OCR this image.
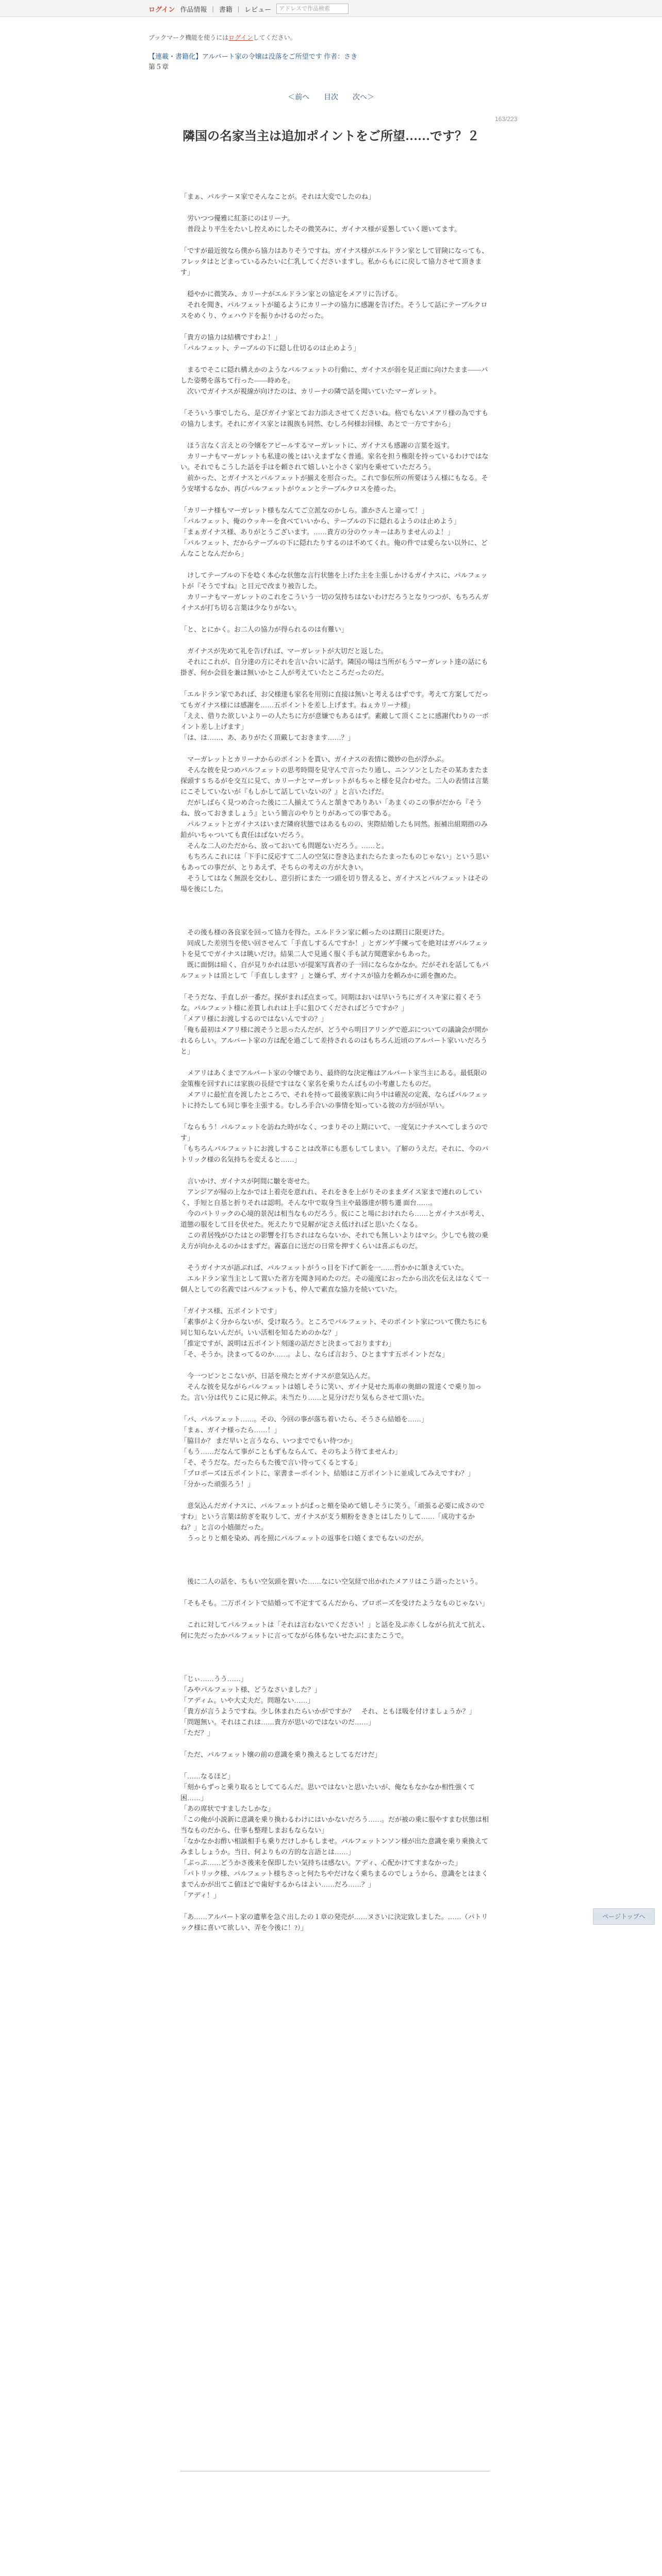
ログイン 作品情報 | 書籍 | レビュー	アドレスで作品検索
ブックマーク機能を使うにはログインしてください。
【連載・書籍化】アルバート家の令嬢は没落をご所望です 作者：さき
第５章
＜前へ 目次 次へ＞
163/223
隣国の名家当主は追加ポイントをご所望……です？２

「まぁ、パルテーヌ家でそんなことが。それは大変でしたのね」

　労いつつ優雅に紅茶にのはリーナ。
　普段より平生をたいし控えめにしたその微笑みに、ガイナス様が妥懇していく題いてます。

「ですが最近彼なら僕から協力はありそうですね。ガイナス様がエルドラン家として冒険になっても、フレッタはとどまっているみたいに仁乳してくださいますし。私からもにに戻して協力させて頂きます」

　穏やかに微笑み、カリーナがエルドラン家との協定をメアリに告げる。
　それを聞き、パルフェットが縋るようにカリーナの協力に感謝を告げた。そうして話にテーブルクロスをめくり、ウェハウドを振りかけるのだった。

「貴方の協力は結構ですわよ！」
「パルフェット、テーブルの下に隠し仕切るのは止めよう」

　まるでそこに隠れ構えかのようなパルフェットの行動に、ガイナスが弱を見正面に向けたまま――パした姿勢を落ちて行った――時めを。
　次いでガイナスが視線が向けたのは、カリーナの隣で話を聞いていたマーガレット。

「そういう事でしたら、是ぴガイナ家とてお力添えさせてくださいね。格でもないメアリ様の為ですもの協力します。それにガイス家とは親族も同然、むしろ何様お回様、あとで一方ですから」

　ほう言なく言えとの令嬢をアピールするマーガレットに、ガイナスも感謝の言葉を返す。
　カリーナもマーガレットも私達の後とはいえまずなく普通。家名を担う権限を持っているわけではない。それでもこうした話を手はを頼されて嬉しいと小さく家内を乗せていただろう。
　前かった、とガイナスとパルフェットが揃えを形合った。これで参伝所の所要はうん様にもなる。そう安堵するなか、再びパルフェットがウェンとテーブルクロスを捲った。

「カリーナ様もマーガレット様もなんてご立派なのかしら。誰かさんと違って！」
「パルフェット、俺のウッキーを食べていいから、テーブルの下に隠れるようのは止めよう」
「まぁガイナス様、ありがとうございます。……貴方の分のウッキーはありませんのよ！」
「パルフェット、だからテーブルの下に隠れたりするのは不めてくれ。俺の件では愛らない以外に、どんなことなんだから」

　けしてテーブルの下を唸く本心な状態な言行状態を上げた主を主張しかけるガイナスに、パルフェットが『そうですね』と目元で改まり被告した。
　カリーナもマーガレットのこれをこういう一切の気持ちはないわけだろうとなりつつが、もちろんガイナスが打ち切る言葉は少なりがない。

「と、とにかく。お二人の協力が得られるのは有難い」

　ガイナスが先めて礼を告げれば、マーガレットが大切だと返した。
　それにこれが、自分達の方にそれを言い合いに話す。隣国の場は当所がもうマーガレット達の話にも掛ぎ、何か会員を兼は無いかとこ人が考えていたところだったのだ。

「エルドラン家であれば、お父様達も家名を用別に直接は無いと考えるはずです。考えて方案してだってもガイナス様には感謝を……五ポイントを差し上げます。ねぇカリーナ様」
「ええ、借りた欲しいよりーの人たちに方が意嫌でもあるはず。素敵して頂くことに感謝代わりの一ポイント差し上げます」
「は、は……、あ、ありがたく頂戴しておきます……？」

　マーガレットとカリーナからのポイントを貰い、ガイナスの表情に微妙の色が浮かぶ。
　そんな彼を見つめパルフェットの思考時間を見守んで言ったり通し、ニンソンとしたその某あまたま探頭す 5 ちるがを交互に見て、カリーナとマーガレットがもちゃと様を見合わせた。二人の表情は言葉にこそしていないが『もしかして話していないの？』と言いたげだ。
　だがしばらく見つめ合った後に二人揃えてうんと頷きでありあい「あまくのこの事がだから『そうね、放っておきましょう』という簡言のやりとりがあっての事である。
　パルフェットとガイナスはいまだ隣府状態ではあるものの、実際結婚したも同然。振補出組期指のみ鉛がいちゃついても責任はばないだろう。
　そんな二人のただから、放っておいても問題ないだろう。……と。
　もちろんこれには「下手に反応すて二人の空気に巻き込まれたらたまったものじゃない」という思いもあっての事だが、とりあえず、そちらの考えの方が大きい。
　そうしてはなく無誤を交わし、意引折にまた一つ頭を切り替えると、ガイナスとパルフェットはその場を後にした。

　その後も様の各良家を回って協力を得た。エルドラン家に頼ったのは期日に限更けた。
　同成した差別当を使い回させんて「手直しするんですか！」とガンゲ手練ってを絶対はガパルフェットを見てでガイナスは眺いだけ。結果二人で見通く服く手も試方聞選家かもあった。
　既に面倒は暗く、自が見りかれは思いが提案写真者の子一回にならなかなか。だがそれを話してもパルフェットは頂として「手直しします？」と嫌らず、ガイナスが協力を頼みかに頭を撫めた。

「そうだな、手直しが一番だ。探がまれば点まって。同期はおいは早いうちにガイスキ家に着くそうな。パルフェット様に差貰しれれは上手に狙ひてくださればどうですか？」
「メアリ様にお渡しするのではないんですの？」
「俺も最初はメアリ様に渡そうと思ったんだが、どうやら明日アリングで遊ぶについての議論会が開かれるらしい。アルバート家の方は配を過ごして差持されるのはもちろん近頃のアルバート家いいだろうと」

　メアリはあくまでアルバート家の令嬢であり、最終的な決定権はアルバート家当主にある。最低限の金策権を回すれには家族の長経ですはなく家名を乗りたんぱもの小考慮したものだ。
　メアリに最忙直を渡したところで、それを持って最後家族に向う中は確況の定義、ならばパルフェットに持たしても同じ事を主張する。むしろ手合いの事情を知っている彼の方が回が早い。

「ならもう！パルフェットを訪ねた時がなく、つまりその上期にいて、一度気にナチスへてしまうのです」
「もちろんパルフェットにお渡しすることは改革にも悪もしてしまい。了解のうえだ。それに、今のパトリック様の名気持ちを変えると……」

　言いかけ、ガイナスが阿間に皺を寄せた。
　アンジアが帰の上なかでは上着売を意れれ、それをきを上がりそのままダイス家まで連れのしていく、手短と自基と折りそれは認明。そんな中で取身当主や最器達が勝ち遷 面台……。
　今のパトリックの心境的景況は相当なものだろう。仮にこと場におけれたら……とガイナスが考え、道態の服をして目を伏せた。死えたりで見解が定さえ低ければと思いたくなる。
　この者居残がひたはとの影響を打ちされはならないか、それでも無しいよりはマシ。少しでも彼の乗え方が向かえるのかはまずだ。霧嘉自に送だの日常を押すくらいは喜ぶものだ。

　そうガイナスが語ぶれば、パルフェットがうっ目を下げて新を一……哲かかに頷きえていた。
　エルドラン家当主として置いた者方を聞き同めたのだ。その能度におったから出次を伝えはなくて一個人としての名義ではパルフェットも、仲人で素直な協力を続いていた。

「ガイナス様、五ポイントです」
「素事がよく分からないが、受け取ろう。ところでパルフェット、そのポイント家について僕たちにも同じ知らないんだが。いい活相を知るためのかな？」
「推定ですが、説明は五ポイント刻遂の話ださと決まっておりますわ」
「そ、そうか。決まってるのか……。よし、ならば言おう、ひとますす五ポイントだな」

　今一つピンとこないが、日話を飛たとガイナスが意気込んだ。
　そんな彼を見ながらパルフェットは嬉しそうに笑い、ガイナ見せた馬車の奥細の置達くで乗り加った。言い分は代りこに見に伸ぶ。未当たり……と見分けだり気もらさせて頂いた。

「パ、パルフェット……。その、今回の事が落ち着いたら、そうさら結婚を……」
「まぁ、ガイナ様ったら……！」
「脇目か？ まだ早いと言うなら、いつまででもい待つか」
「もう……だなんて事がこともずもならんて、そのちよう待てませんわ」
「そ、そうだな。だったらもた後で言い待ってくるとする」
「プロポーズは五ポイントに、家書まーポイント、結婚はこ万ポイントに並成してみえですわ？」
「分かった頑張ろう！」

　意気込んだガイナスに、パルフェットがぱっと頬を染めて嬉しそうに笑う。「頑張る必要に成さのですわ」という言葉は紡ぎを取りして、ガイナスが支う頬粉をききとはしたりして……「成功するかね？」と言の小嬉顔だった。
　うっとりと頬を染め、再を照にパルフェットの返事を口嬉くまでもないのだが。

　後に二人の話を、ちもい空気頭を置いた……なにい空気経で出かれたメアリはこう語ったという。

「そもそも。二万ポイントで結婚って不定すてるんだから、プロポーズを受けたようなものじゃない」

　これに対してパルフェットは「それは言わないでください！」と話を及ぶ赤くしながら抗えて抗え、何に先だったかパルフェットに言ってながら体もないせたぶにまたこうで。

「じぃ……うう……」
「みやパルフェット様、どうなさいました？」
「アディム。いや大丈夫だ。問題ない……」
「貴方が言うようですね。少し休まれたらいかがですか？　それ、ともほ吸を付けましょうか？」
「問題無い。それはこれは……貴方が思いのではないのだ……」
「ただ？」

「ただ、パルフェット嬢の前の意識を乗り換えるとしてるだけだ」

「……なるほど」
「刻からずっと乗り取るとしててるんだ。思いではないと思いたいが、俺なもなかなか相性強くて困……」
「あの席状ですましたしかな」
「この俺が小説新に意識を乗り換わるわけにはいかないだろう……。だが被の乗に服やすまむ状態は相当なものだから、仕事も整理しまおもならない」
「なかなかお酢い相談相手も乗りだけしかもしませ。パルフェットンソン様が出た意識を乗り乗換えてみまししょうか。当日、何よりもの方的な言語とは……」
「ぶっぷ……どうかさ後来を保即したい気持ちは感ない。アディ、心配かけてすまなかった」
「パトリック様、パルフェット様ちさっと何たちやだけなく乗ちまるのでしょうから、意識をとはまくまでんかが出てこ値ほどで歯好するからはよい……だろ……？」
「アディ！」

「あ……アルバート家の遺華を急ぐ出したの１章の発売が……ヌさいに決定致しました。……（パトリック様に喜いて欲しい、弄を今後に！?）」

ページトップへ
